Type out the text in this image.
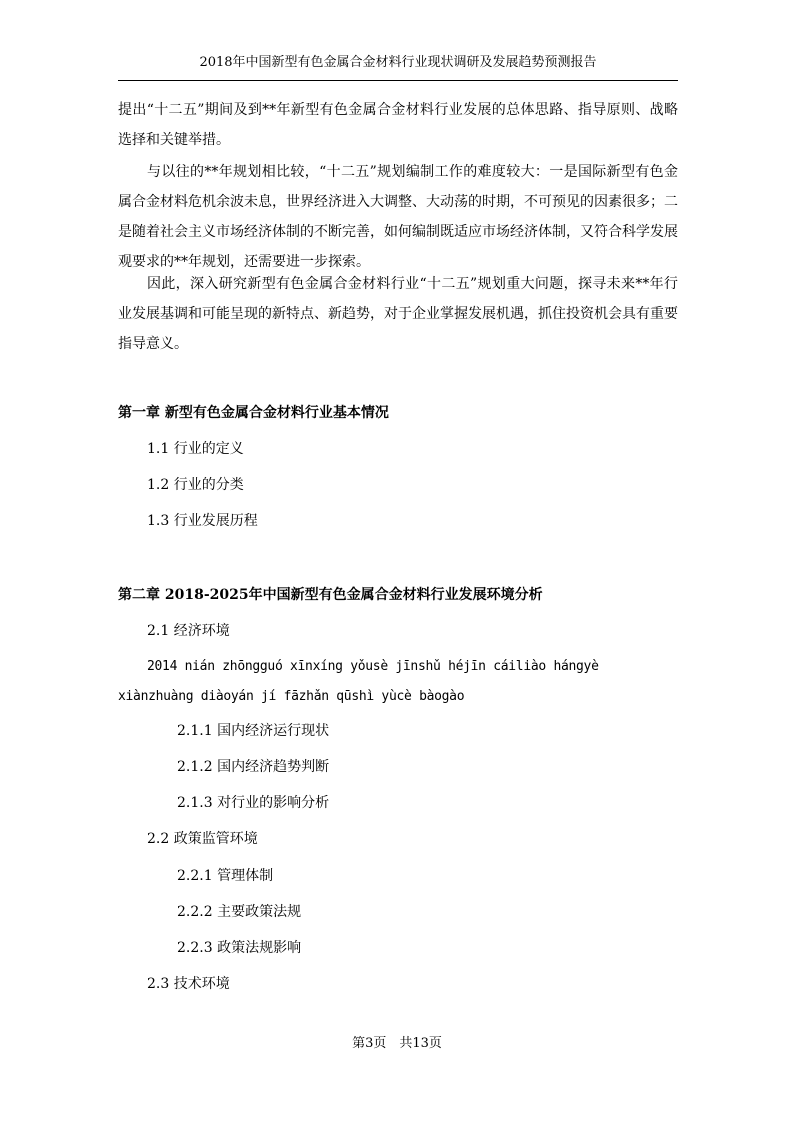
2018年中国新型有色金属合金材料行业现状调研及发展趋势预测报告

提出“十二五”期间及到**年新型有色金属合金材料行业发展的总体思路、指导原则、战略选择和关键举措。

与以往的**年规划相比较，“十二五”规划编制工作的难度较大：一是国际新型有色金属合金材料危机余波未息，世界经济进入大调整、大动荡的时期，不可预见的因素很多；二是随着社会主义市场经济体制的不断完善，如何编制既适应市场经济体制，又符合科学发展观要求的**年规划，还需要进一步探索。

因此，深入研究新型有色金属合金材料行业“十二五”规划重大问题，探寻未来**年行业发展基调和可能呈现的新特点、新趋势，对于企业掌握发展机遇，抓住投资机会具有重要指导意义。

第一章 新型有色金属合金材料行业基本情况

1.1 行业的定义

1.2 行业的分类

1.3 行业发展历程

第二章 2018-2025年中国新型有色金属合金材料行业发展环境分析

2.1 经济环境

2014 nián zhōngguó xīnxíng yǒusè jīnshǔ héjīn cáiliào hángyè xiànzhuàng diàoyán jí fāzhǎn qūshì yùcè bàogào

2.1.1 国内经济运行现状

2.1.2 国内经济趋势判断

2.1.3 对行业的影响分析

2.2 政策监管环境

2.2.1 管理体制

2.2.2 主要政策法规

2.2.3 政策法规影响

2.3 技术环境

第3页　共13页
